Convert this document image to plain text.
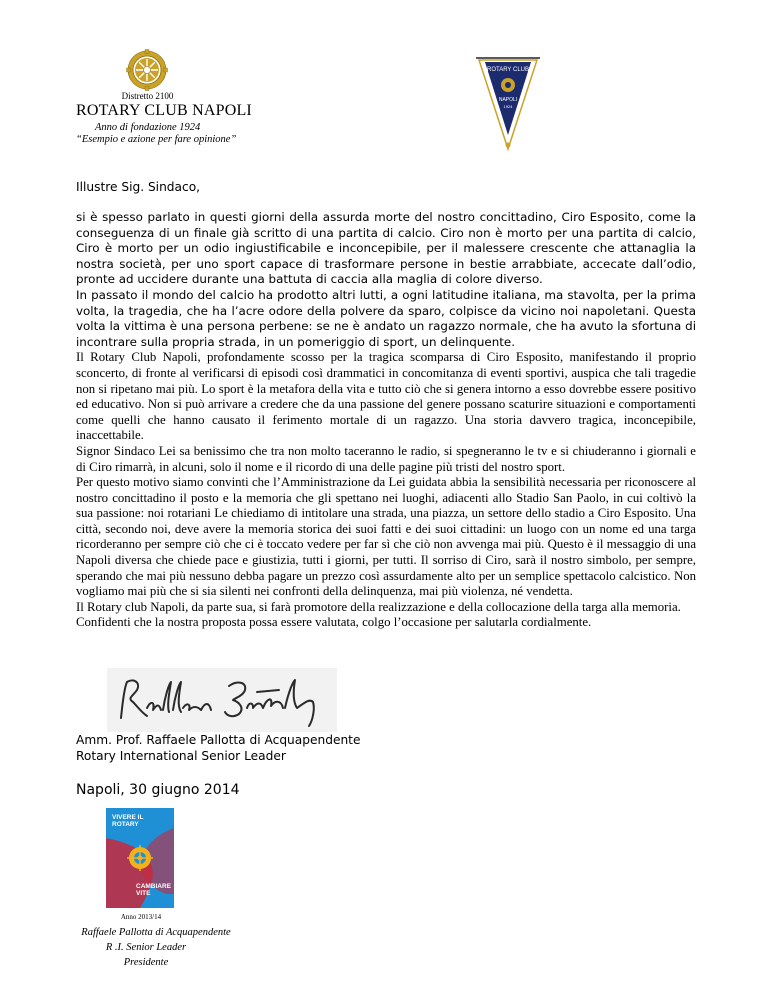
Distretto 2100
ROTARY CLUB NAPOLI
Anno di fondazione 1924
“Esempio e azione per fare opinione”
ROTARY CLUB
NAPOLI
1924
Illustre Sig. Sindaco,

si è spesso parlato in questi giorni della assurda morte del nostro concittadino, Ciro Esposito, come la conseguenza di un finale già scritto di una partita di calcio. Ciro non è morto per una partita di calcio, Ciro è morto per un odio ingiustificabile e inconcepibile, per il malessere crescente che attanaglia la nostra società, per uno sport capace di trasformare persone in bestie arrabbiate, accecate dall’odio, pronte ad uccidere durante una battuta di caccia alla maglia di colore diverso.

In passato il mondo del calcio ha prodotto altri lutti, a ogni latitudine italiana, ma stavolta, per la prima volta, la tragedia, che ha l’acre odore della polvere da sparo, colpisce da vicino noi napoletani. Questa volta la vittima è una persona perbene: se ne è andato un ragazzo normale, che ha avuto la sfortuna di incontrare sulla propria strada, in un pomeriggio di sport, un delinquente.

Il Rotary Club Napoli, profondamente scosso per la tragica scomparsa di Ciro Esposito, manifestando il proprio sconcerto, di fronte al verificarsi di episodi così drammatici in concomitanza di eventi sportivi, auspica che tali tragedie non si ripetano mai più. Lo sport è la metafora della vita e tutto ciò che si genera intorno a esso dovrebbe essere positivo ed educativo. Non si può arrivare a credere che da una passione del genere possano scaturire situazioni e comportamenti come quelli che hanno causato il ferimento mortale di un ragazzo. Una storia davvero tragica, inconcepibile, inaccettabile.

Signor Sindaco Lei sa benissimo che tra non molto taceranno le radio, si spegneranno le tv e si chiuderanno i giornali e di Ciro rimarrà, in alcuni, solo il nome e il ricordo di una delle pagine più tristi del nostro sport.

Per questo motivo siamo convinti che l’Amministrazione da Lei guidata abbia la sensibilità necessaria per riconoscere al nostro concittadino il posto e la memoria che gli spettano nei luoghi, adiacenti allo Stadio San Paolo, in cui coltivò la sua passione: noi rotariani Le chiediamo di intitolare una strada, una piazza, un settore dello stadio a Ciro Esposito. Una città, secondo noi, deve avere la memoria storica dei suoi fatti e dei suoi cittadini: un luogo con un nome ed una targa ricorderanno per sempre ciò che ci è toccato vedere per far sì che ciò non avvenga mai più. Questo è il messaggio di una Napoli diversa che chiede pace e giustizia, tutti i giorni, per tutti. Il sorriso di Ciro, sarà il nostro simbolo, per sempre, sperando che mai più nessuno debba pagare un prezzo così assurdamente alto per un semplice spettacolo calcistico. Non vogliamo mai più che si sia silenti nei confronti della delinquenza, mai più violenza, né vendetta.

Il Rotary club Napoli, da parte sua, si farà promotore della realizzazione e della collocazione della targa alla memoria.

Confidenti che la nostra proposta possa essere valutata, colgo l’occasione per salutarla cordialmente.

Amm. Prof. Raffaele Pallotta di Acquapendente
Rotary International Senior Leader
Napoli, 30 giugno 2014
VIVERE IL
ROTARY
CAMBIARE
VITE
Anno 2013/14
Raffaele Pallotta di Acquapendente
R .I. Senior Leader
Presidente
